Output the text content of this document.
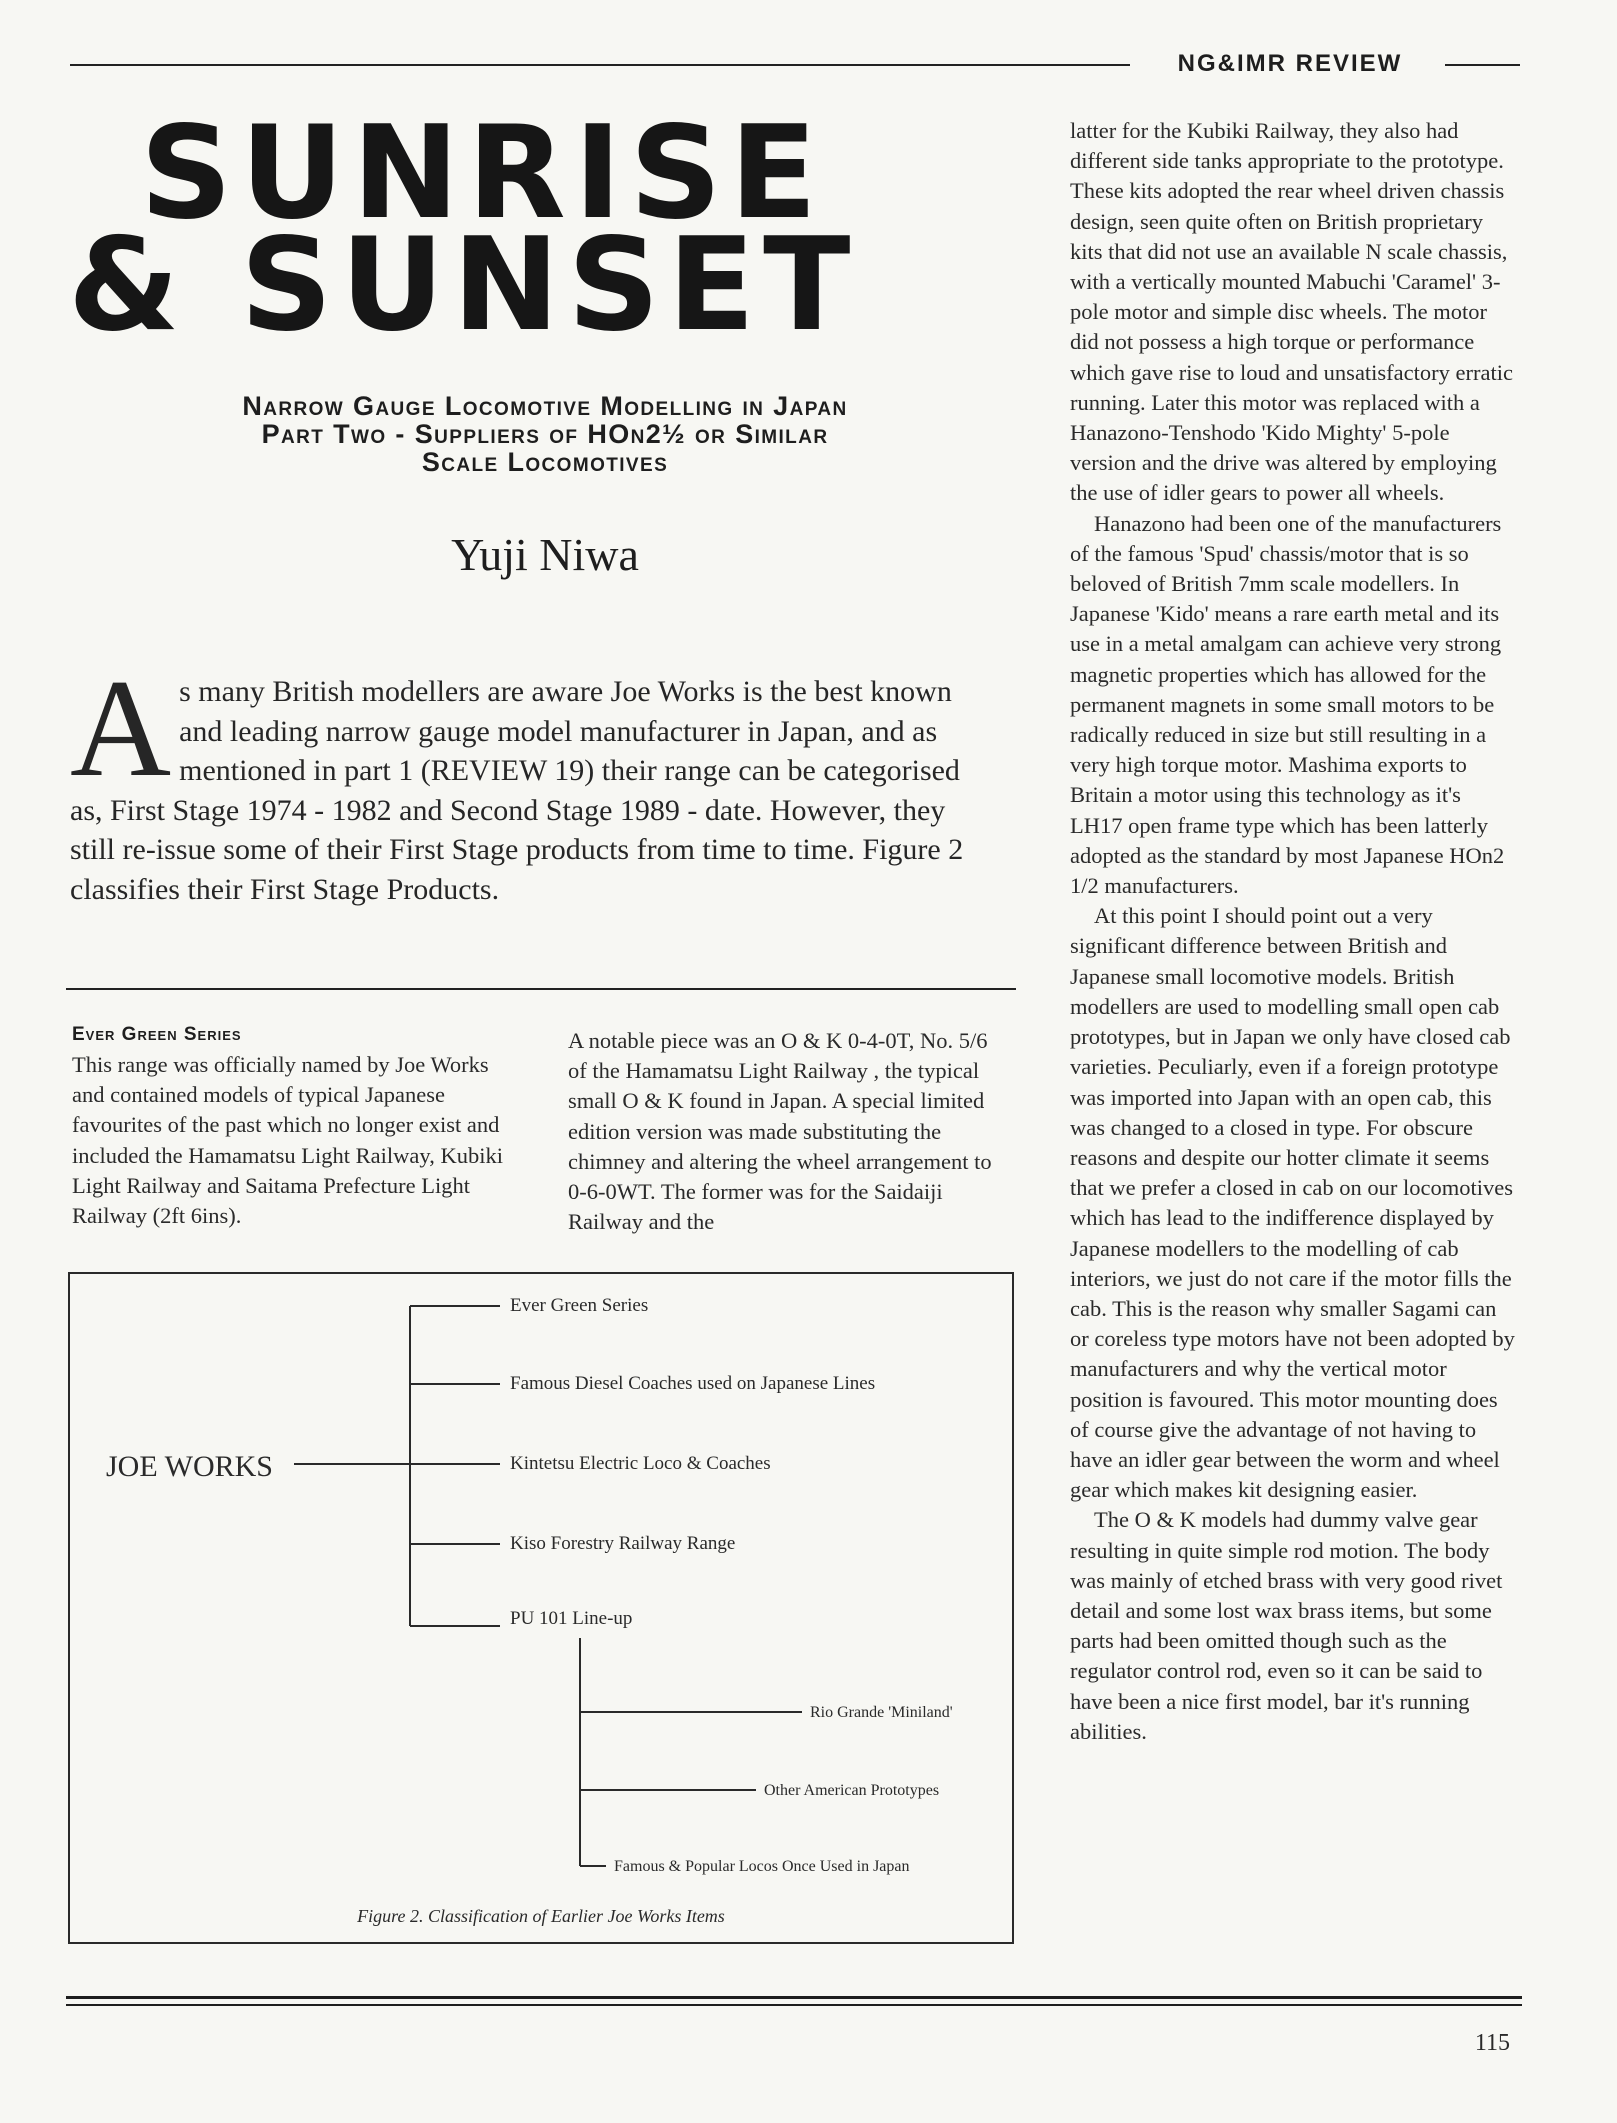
NG&IMR REVIEW
SUNRISE
& SUNSET
Narrow Gauge Locomotive Modelling in Japan
Part Two - Suppliers of HOn2½ or Similar
Scale Locomotives
Yuji Niwa
A s many British modellers are aware Joe Works is the best known and leading narrow gauge model manufacturer in Japan, and as mentioned in part 1 (REVIEW 19) their range can be categorised as, First Stage 1974 - 1982 and Second Stage 1989 - date. However, they still re-issue some of their First Stage products from time to time. Figure 2 classifies their First Stage Products.
Ever Green Series
This range was officially named by Joe Works and contained models of typical Japanese favourites of the past which no longer exist and included the Hamamatsu Light Railway, Kubiki Light Railway and Saitama Prefecture Light Railway (2ft 6ins).
A notable piece was an O & K 0-4-0T, No. 5/6 of the Hamamatsu Light Railway , the typical small O & K found in Japan. A special limited edition version was made substituting the chimney and altering the wheel arrangement to 0-6-0WT. The former was for the Saidaiji Railway and the

latter for the Kubiki Railway, they also had different side tanks appropriate to the prototype. These kits adopted the rear wheel driven chassis design, seen quite often on British proprietary kits that did not use an available N scale chassis, with a vertically mounted Mabuchi 'Caramel' 3-pole motor and simple disc wheels. The motor did not possess a high torque or performance which gave rise to loud and unsatisfactory erratic running. Later this motor was replaced with a Hanazono-Tenshodo 'Kido Mighty' 5-pole version and the drive was altered by employing the use of idler gears to power all wheels.

Hanazono had been one of the manufacturers of the famous 'Spud' chassis/motor that is so beloved of British 7mm scale modellers. In Japanese 'Kido' means a rare earth metal and its use in a metal amalgam can achieve very strong magnetic properties which has allowed for the permanent magnets in some small motors to be radically reduced in size but still resulting in a very high torque motor. Mashima exports to Britain a motor using this technology as it's LH17 open frame type which has been latterly adopted as the standard by most Japanese HOn2 1/2 manufacturers.

At this point I should point out a very significant difference between British and Japanese small locomotive models. British modellers are used to modelling small open cab prototypes, but in Japan we only have closed cab varieties. Peculiarly, even if a foreign prototype was imported into Japan with an open cab, this was changed to a closed in type. For obscure reasons and despite our hotter climate it seems that we prefer a closed in cab on our locomotives which has lead to the indifference displayed by Japanese modellers to the modelling of cab interiors, we just do not care if the motor fills the cab. This is the reason why smaller Sagami can or coreless type motors have not been adopted by manufacturers and why the vertical motor position is favoured. This motor mounting does of course give the advantage of not having to have an idler gear between the worm and wheel gear which makes kit designing easier.

The O & K models had dummy valve gear resulting in quite simple rod motion. The body was mainly of etched brass with very good rivet detail and some lost wax brass items, but some parts had been omitted though such as the regulator control rod, even so it can be said to have been a nice first model, bar it's running abilities.

JOE WORKS
Ever Green Series
Famous Diesel Coaches used on Japanese Lines
Kintetsu Electric Loco & Coaches
Kiso Forestry Railway Range
PU 101 Line-up
Rio Grande 'Miniland'
Other American Prototypes
Famous & Popular Locos Once Used in Japan
Figure 2. Classification of Earlier Joe Works Items
115
